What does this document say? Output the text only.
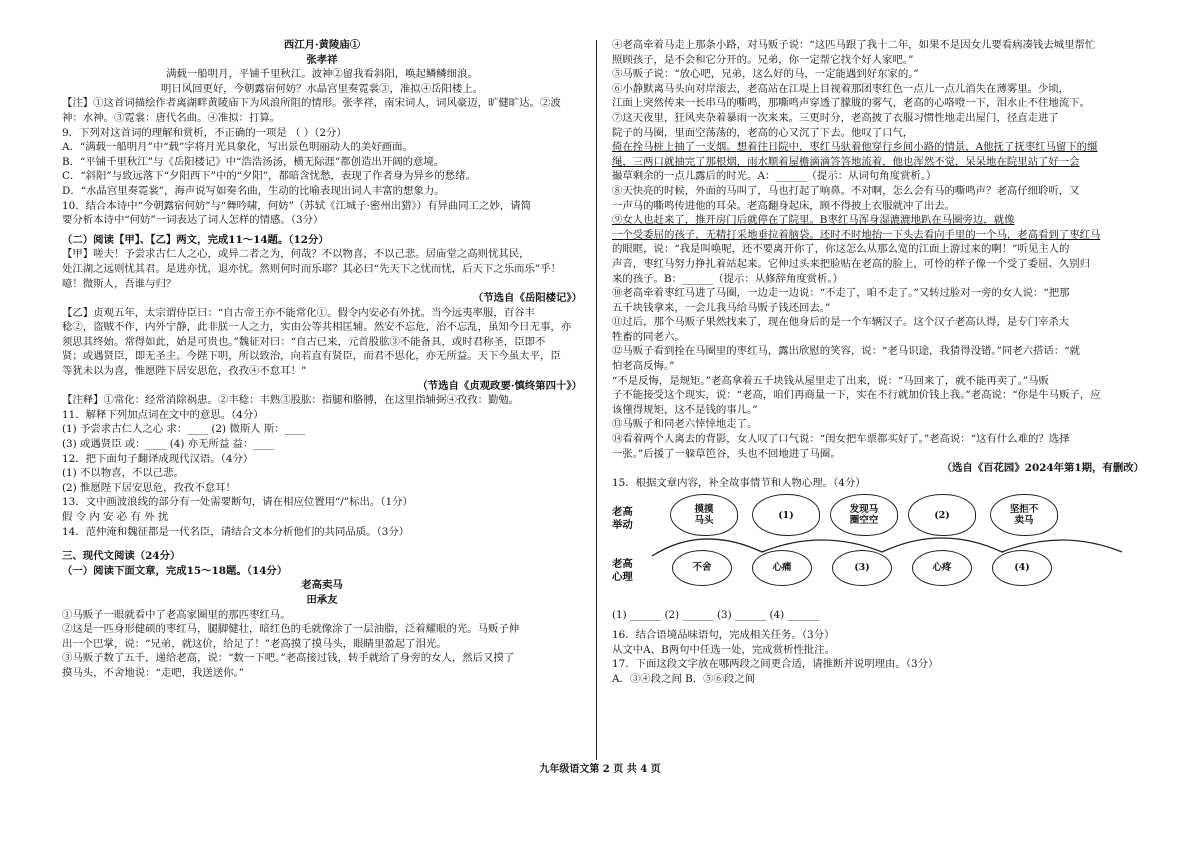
西江月·黄陵庙①
张孝祥
满载一船明月，平铺千里秋江。波神②留我看斜阳，唤起鳞鳞细浪。
明日风回更好，今朝露宿何妨？水晶宫里奏霓裳③，准拟④岳阳楼上。
【注】①这首词描绘作者离湖畔黄陵庙下为风浪所阻的情形。张孝祥，南宋词人，词风豪迈，旷健旷达。②波
神：水神。③霓裳：唐代名曲。④准拟：打算。
9．下列对这首词的理解和赏析，不正确的一项是 （ ）（2分）
A．“满载一船明月”中“载”字将月光具象化，写出景色明丽动人的美好画面。
B．“平铺千里秋江”与《岳阳楼记》中“浩浩汤汤，横无际涯”都创造出开阔的意境。
C．“斜阳”与致远落下“夕阳西下”中的“夕阳”，都暗含忧愁，表现了作者身为异乡的愁绪。
D．“水晶宫里奏霓裳”，海声说写如奏名曲，生动的比喻表现出词人丰富的想象力。
10．结合本诗中“今朝露宿何妨”与“舞吟啸，何妨”（苏轼《江城子·密州出猎》）有异曲同工之妙，请简
要分析本诗中“何妨”一词表达了词人怎样的情感。（3分）
（二）阅读【甲】、【乙】两文，完成11～14题。（12分）
【甲】嗟夫！予尝求古仁人之心，或异二者之为，何哉？不以物喜，不以己悲。居庙堂之高则忧其民，
处江湖之远则忧其君。是进亦忧，退亦忧。然则何时而乐耶？其必曰“先天下之忧而忧，后天下之乐而乐”乎！
噫！微斯人，吾谁与归？
（节选自《岳阳楼记》）
【乙】贞观五年，太宗谓侍臣曰：“自古帝王亦不能常化①。假令内安必有外扰。当今远夷率服，百谷丰
稔②，盗贼不作，内外宁静，此非朕一人之力，实由公等共相匡辅。然安不忘危，治不忘乱，虽知今日无事，亦
须思其终始。常得如此，始是可贵也。”魏征对曰：“自古已来，元首股肱③不能备具，或时君称圣，臣即不
贤；或遇贤臣，即无圣主。今陛下明，所以致治，向若直有贤臣，而君不思化，亦无所益。天下今虽太平，臣
等犹未以为喜，惟愿陛下居安思危，孜孜④不怠耳！”
（节选自《贞观政要·慎终第四十》）
【注释】①常化：经常消除祸患。②丰稔：丰熟③股肱：指腿和胳膊，在这里指辅弼④孜孜：勤勉。
11．解释下列加点词在文中的意思。（4分）
(1) 予尝求古仁人之心 求：____ (2) 微斯人 斯：____
(3) 或遇贤臣 或：____ (4) 亦无所益 益：____
12．把下面句子翻译成现代汉语。（4分）
(1) 不以物喜，不以己悲。
(2) 惟愿陛下居安思危，孜孜不怠耳！
13．文中画波浪线的部分有一处需要断句，请在相应位置用“/”标出。（1分）
假 令 内 安 必 有 外 扰
14．范仲淹和魏征都是一代名臣，请结合文本分析他们的共同品质。（3分）
三、现代文阅读（24分）
（一）阅读下面文章，完成15～18题。（14分）
老高卖马
田承友
①马贩子一眼就看中了老高家圈里的那匹枣红马。
②这是一匹身形健硕的枣红马，腿脚健壮，暗红色的毛就像涂了一层油脂，泛着耀眼的光。马贩子伸
出一个巴掌，说：“兄弟，就这价，给足了！”老高摸了摸马头，眼睛里盈起了泪光。
③马贩子数了五千，递给老高，说：“数一下吧。”老高接过钱，转手就给了身旁的女人，然后又摸了
摸马头，不舍地说：“走吧，我送送你。”
④老高牵着马走上那条小路，对马贩子说：“这匹马跟了我十二年，如果不是因女儿要看病凑钱去城里帮忙
照顾孩子，是不会和它分开的。兄弟，你一定帮它找个好人家吧。”
⑤马贩子说：“放心吧，兄弟，这么好的马，一定能遇到好东家的。”
⑥小静默离马头向对岸滚去，老高站在江堤上目视着那团枣红色一点儿一点儿消失在薄雾里。少顷，
江面上突然传来一长串马的嘶鸣，那嘶鸣声穿透了朦胧的雾气，老高的心咯噔一下，泪水止不住地流下。
⑦这天夜里，狂风夹杂着暴雨一次来来。三更时分，老高披了衣服习惯性地走出屋门，径直走进了
院子的马圈，里面空荡荡的，老高的心又沉了下去。他叹了口气，
倚在拴马桩上抽了一支烟。想着往日院中，枣红马驮着他穿行乡间小路的情景，A他抚了抚枣红马留下的缰
绳，三两口就抽完了那根烟，雨水顺着屋檐滴滴答答地流着，他也浑然不觉，呆呆地在院里站了好一会
撮草剩余的一点儿露后的时光。A：______（提示：从词句角度赏析。）
⑧天快亮的时候，外面的马叫了，马也打起了响鼻。不对啊，怎么会有马的嘶鸣声？老高仔细聆听，又
一声马的嘶鸣传进他的耳朵。老高翻身起床，顾不得披上衣服就冲了出去。
⑨女人也赶来了，推开房门后就停在了院里。B枣红马浑身湿漉漉地趴在马圈旁边，就像
一个受委屈的孩子，无精打采地垂拉着脑袋。还时不时地抬一下头去看向手里的一个马，老高看到了枣红马
的眼眶，说：“我是叫唤呢，还不要离开你了，你这怎么从那么宽的江面上游过来的啊！”听见主人的
声音，枣红马努力挣扎着站起来。它伸过头来把脸贴在老高的脸上，可怜的样子像一个受了委屈、久别归
来的孩子。B：______（提示：从修辞角度赏析。）
⑩老高牵着枣红马进了马圈，一边走一边说：“不走了，咱不走了。”又转过脸对一旁的女人说：“把那
五千块钱拿来，一会儿我马给马贩子钱还回去。”
⑪过后，那个马贩子果然找来了，现在他身后的是一个车辆汉子。这个汉子老高认得，是专门宰杀大
牲畜的同老六。
⑫马贩子看到拴在马圈里的枣红马，露出欣慰的笑容，说：“老马识途，我猜得没错。”同老六搭话：“就
怕老高反悔。”
“不是反悔，是规矩。”老高拿着五千块钱从屋里走了出来，说：“马回来了，就不能再卖了。”马贩
子不能接受这个现实，说：“老高，咱们再商量一下，实在不行就加价钱上我。”老高说：“你是牛马贩子，应
该懂得规矩，这不是钱的事儿。”
⑬马贩子和同老六悻悻地走了。
⑭看着两个人离去的背影，女人叹了口气说：“闺女把车票都买好了。”老高说：“这有什么难的？选择
一张。”后援了一躲草笆谷，头也不回地进了马圈。
（选自《百花园》2024年第1期，有删改）
15．根据文章内容，补全故事情节和人物心理。（4分）
老高
举动
老高
心理
摸摸
马头	(1)	发现马
圈空空	(2)	坚拒不
卖马
不舍	心痛	(3)	心疼	(4)
(1) ______ (2) ______ (3) ______ (4) ______
16．结合语境品味语句，完成相关任务。（3分）
从文中A、B两句中任选一处，完成赏析性批注。
17．下面这段文字放在哪两段之间更合适，请推断并说明理由。（3分）
A．③④段之间 B．⑤⑥段之间
九年级语文第 2 页 共 4 页
